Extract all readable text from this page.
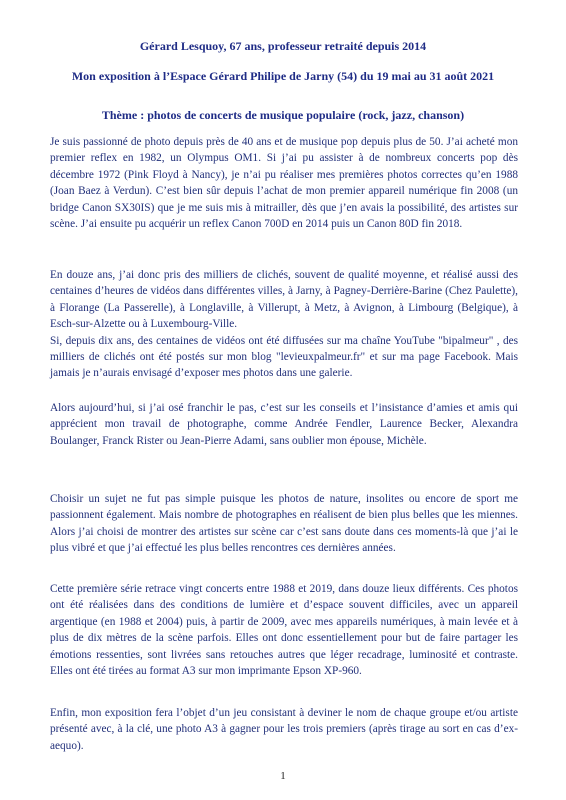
Gérard Lesquoy, 67 ans, professeur retraité depuis 2014
Mon exposition à l’Espace Gérard Philipe de Jarny (54) du 19 mai au 31 août 2021
Thème : photos de concerts de musique populaire (rock, jazz, chanson)

Je suis passionné de photo depuis près de 40 ans et de musique pop depuis plus de 50. J’ai acheté mon premier reflex en 1982, un Olympus OM1. Si j’ai pu assister à de nombreux concerts pop dès décembre 1972 (Pink Floyd à Nancy), je n’ai pu réaliser mes premières photos correctes qu’en 1988 (Joan Baez à Verdun). C’est bien sûr depuis l’achat de mon premier appareil numérique fin 2008 (un bridge Canon SX30IS) que je me suis mis à mitrailler, dès que j’en avais la possibilité, des artistes sur scène. J’ai ensuite pu acquérir un reflex Canon 700D en 2014 puis un Canon 80D fin 2018.

En douze ans, j’ai donc pris des milliers de clichés, souvent de qualité moyenne, et réalisé aussi des centaines d’heures de vidéos dans différentes villes, à Jarny, à Pagney-Derrière-Barine (Chez Paulette), à Florange (La Passerelle), à Longlaville, à Villerupt, à Metz, à Avignon, à Limbourg (Belgique), à Esch-sur-Alzette ou à Luxembourg-Ville.
Si, depuis dix ans, des centaines de vidéos ont été diffusées sur ma chaîne YouTube "bipalmeur" , des milliers de clichés ont été postés sur mon blog "levieuxpalmeur.fr" et sur ma page Facebook. Mais jamais je n’aurais envisagé d’exposer mes photos dans une galerie.

Alors aujourd’hui, si j’ai osé franchir le pas, c’est sur les conseils et l’insistance d’amies et amis qui apprécient mon travail de photographe, comme Andrée Fendler, Laurence Becker, Alexandra Boulanger, Franck Rister ou Jean-Pierre Adami, sans oublier mon épouse, Michèle.

Choisir un sujet ne fut pas simple puisque les photos de nature, insolites ou encore de sport me passionnent également. Mais nombre de photographes en réalisent de bien plus belles que les miennes. Alors j’ai choisi de montrer des artistes sur scène car c’est sans doute dans ces moments-là que j’ai le plus vibré et que j’ai effectué les plus belles rencontres ces dernières années.

Cette première série retrace vingt concerts entre 1988 et 2019, dans douze lieux différents. Ces photos ont été réalisées dans des conditions de lumière et d’espace souvent difficiles, avec un appareil argentique (en 1988 et 2004) puis, à partir de 2009, avec mes appareils numériques, à main levée et à plus de dix mètres de la scène parfois. Elles ont donc essentiellement pour but de faire partager les émotions ressenties, sont livrées sans retouches autres que léger recadrage, luminosité et contraste. Elles ont été tirées au format A3 sur mon imprimante Epson XP-960.

Enfin, mon exposition fera l’objet d’un jeu consistant à deviner le nom de chaque groupe et/ou artiste présenté avec, à la clé, une photo A3 à gagner pour les trois premiers (après tirage au sort en cas d’ex-aequo).

1
